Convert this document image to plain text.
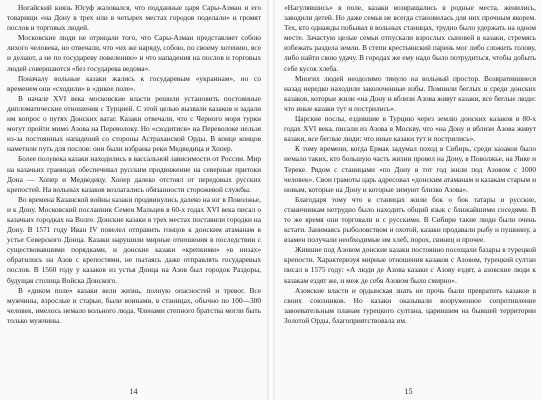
Ногайский князь Юсуф жаловался, что подданные царя Сары-Азман и его товарищи «на Дону в трех или в четырех местах городов поделали» и громят послов и торговых людей.

Московские люди не отрицали того, что Сары-Азман представляет собою лихого человека, но отвечали, что «их же наряду, собою, по своему хотению, все и делают, а не по государеву повелению» и что нападения на послов и торговых людей совершаются «без государева ведома».

Поначалу вольные казаки жались к государевым «украинам», но со временем они «сходили» в «дикое поле».

В начале XVI века московские власти решили установить постоянные дипломатические отношения с Турцией. С этой целью вызвали казаков и задали им вопрос о путях Донских ватаг. Казаки отвечали, что с Черного моря турки могут пройти мимо Азова на Переволоку. Но «сходитися» на Переволоке нельзя из-за постоянных нападений со стороны Астраханской Орды. В конце концов наметили путь для послов: они были избраны реки Медведица и Хопер.

Более полувека казаки находились в вассальной зависимости от России. Мир на казачьих границах обеспечивал русским продвижение на северные притоки Дона — Хопер и Медведицу. Хопер далеко отстоял от передовых русских крепостей. На вольных казаков возлагались обязанности сторожевой службы.

Во времена Казанской войны казаки продвинулись далеко на юг в Поволжье, и к Дону. Московский посланник Семен Мальцев в 60-х годах XVI века писал о казачьих городках на Волге. Донские казаки в трех местах поставили городки на Дону. В 1571 году Иван IV повелел отправить гонцов к донским атаманам в устье Северского Донца. Казаки нарушили мирные отношения в последствии с существовавшими порядками, и донские казаки «крепкими» «в низах» обратились на Азов с крепостями, не пытаясь даже отправлять государевых послов. В 1560 году у казаков из устья Донца на Азов был городок Раздоры, будущая столица Войска Донского.

В «диком поле» казаки вели жизнь, полную опасностей и тревог. Все мужчины, взрослые и старые, были воинами, в станицах, обычно по 100—300 человек, имелось немало вольного люда. Членами степного братства могли быть только мужчины.

14

«Нагулявшись» в поле, казаки возвращались в родные места, женились, заводили детей. Но даже семья не всегда становилась для них прочным якорем. Тех, кто однажды побывал в вольных станицах, трудно было удержать на одном месте. Зачастую целые семьи отпускали взрослых сыновей в казаки, стремясь избежать раздела земли. В степи крестьянский парень мог либо сложить голову, либо найти свою удачу. В городах же ему надо было потрудиться, чтобы добыть себе кусок хлеба.

Многих людей неодолимо тянуло на вольный простор. Возвратившиеся назад нередко находили заколоченные избы. Помнили беглых и среди донских казаков, которые жили «на Дону и вблизи Азова живут казаки, все беглые люди: что иные казаки тут и пострились».

Царские послы, ездившие в Турцию через землю донских казаков в 80-х годах XVI века, писали из Азова в Москву, что «на Дону и вблизи Азова живут казаки, все беглые люди: что иные казаки тут и пострились».

К тому времени, когда Ермак задумал поход в Сибирь, среди казаков было немало таких, кто большую часть жизни провел на Дону, в Поволжье, на Яике и Тереке. Рядом с станицами «по Дону в тот год жили под Азовом с 1000 человек». Свои грамоты царь адресовал «донским атаманам и казакам старым и новым, которые на Дону и которые зимуют близко Азова».

Благодаря тому что в станицах жили бок о бок татары и русские, станичникам нетрудно было находить общий язык с ближайшими соседями. В то же время они торговали и с русскими. В Сибири такие люди были очень кстати. Занимаясь рыболовством и охотой, казаки продавали рыбу и пушнину, а взамен получали необходимые им хлеб, порох, свинец и прочее.

Жившие под Азовом донские казаки постоянно посещали базары в турецкой крепости. Характеризуя мирные отношения казаков с Азовом, турецкий султан писал в 1575 году: «А люди де Азова казаки с Азову ездят, а азовские люди к казакам ездят же, и меж де себя Азовом было смирно».

Азовские власти и ордынская знать не прочь были превратить казаков в своих союзников. Но казаки оказывали вооруженное сопротивление завоевательным планам турецкого султана, царившим на бывшей территории Золотой Орды, благоприятствовала им.

15
